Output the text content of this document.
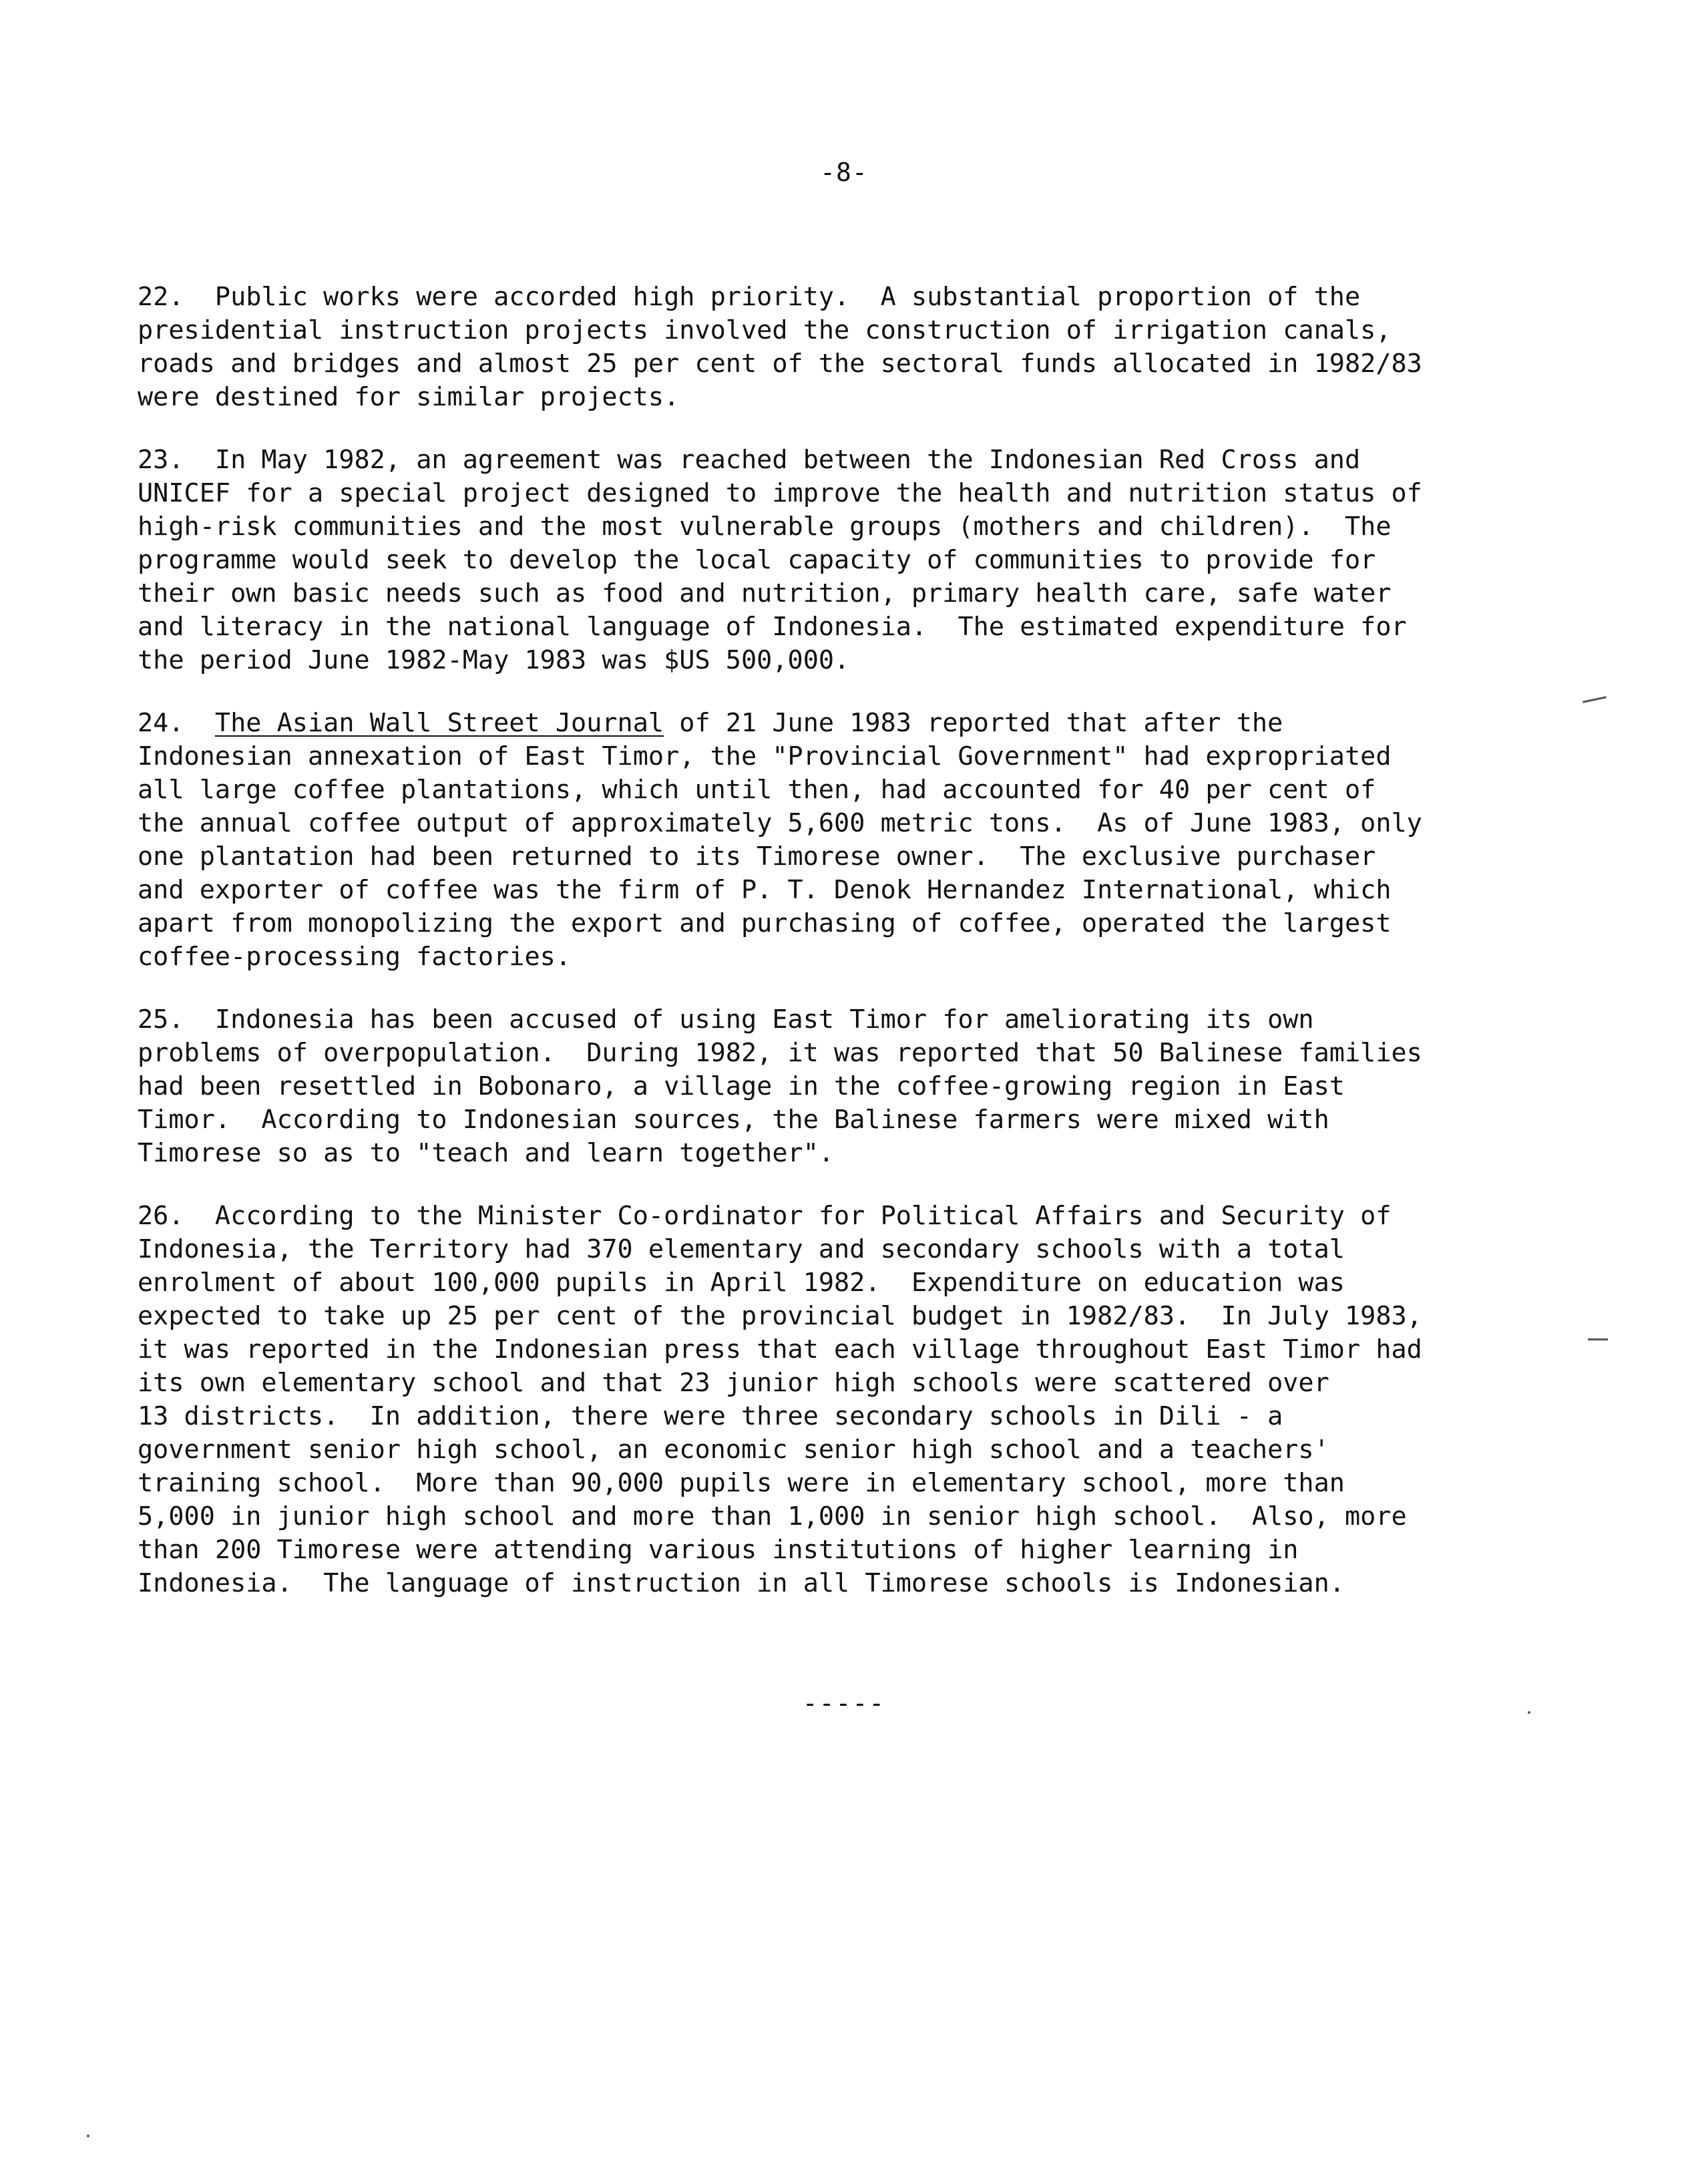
-8-
22.  Public works were accorded high priority.  A substantial proportion of the
presidential instruction projects involved the construction of irrigation canals,
roads and bridges and almost 25 per cent of the sectoral funds allocated in 1982/83
were destined for similar projects.
23.  In May 1982, an agreement was reached between the Indonesian Red Cross and
UNICEF for a special project designed to improve the health and nutrition status of
high-risk communities and the most vulnerable groups (mothers and children).  The
programme would seek to develop the local capacity of communities to provide for
their own basic needs such as food and nutrition, primary health care, safe water
and literacy in the national language of Indonesia.  The estimated expenditure for
the period June 1982-May 1983 was $US 500,000.
24.  The Asian Wall Street Journal of 21 June 1983 reported that after the
Indonesian annexation of East Timor, the "Provincial Government" had expropriated
all large coffee plantations, which until then, had accounted for 40 per cent of
the annual coffee output of approximately 5,600 metric tons.  As of June 1983, only
one plantation had been returned to its Timorese owner.  The exclusive purchaser
and exporter of coffee was the firm of P. T. Denok Hernandez International, which
apart from monopolizing the export and purchasing of coffee, operated the largest
coffee-processing factories.
25.  Indonesia has been accused of using East Timor for ameliorating its own
problems of overpopulation.  During 1982, it was reported that 50 Balinese families
had been resettled in Bobonaro, a village in the coffee-growing region in East
Timor.  According to Indonesian sources, the Balinese farmers were mixed with
Timorese so as to "teach and learn together".
26.  According to the Minister Co-ordinator for Political Affairs and Security of
Indonesia, the Territory had 370 elementary and secondary schools with a total
enrolment of about 100,000 pupils in April 1982.  Expenditure on education was
expected to take up 25 per cent of the provincial budget in 1982/83.  In July 1983,
it was reported in the Indonesian press that each village throughout East Timor had
its own elementary school and that 23 junior high schools were scattered over
13 districts.  In addition, there were three secondary schools in Dili - a
government senior high school, an economic senior high school and a teachers'
training school.  More than 90,000 pupils were in elementary school, more than
5,000 in junior high school and more than 1,000 in senior high school.  Also, more
than 200 Timorese were attending various institutions of higher learning in
Indonesia.  The language of instruction in all Timorese schools is Indonesian.
-----
